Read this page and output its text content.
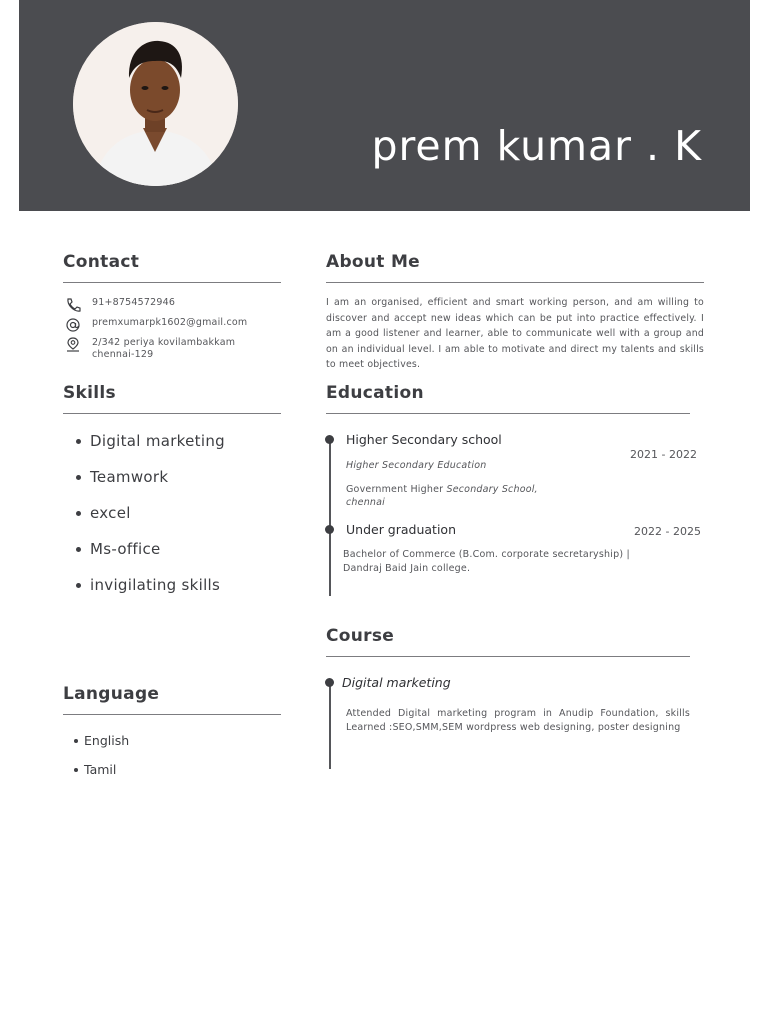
prem kumar . K
Contact
91+8754572946
premxumarpk1602@gmail.com
2/342 periya kovilambakkam
chennai-129
About Me
I am an organised, efficient and smart working person, and am willing to discover and accept new ideas which can be put into practice effectively. I am a good listener and learner, able to communicate well with a group and on an individual level. I am able to motivate and direct my talents and skills to meet objectives.
Skills
Digital marketing
Teamwork
excel
Ms-office
invigilating skills
Education
Higher Secondary school
2021 - 2022
Higher Secondary Education
Government Higher Secondary School,
chennai
Under graduation	2022 - 2025
Bachelor of Commerce (B.Com. corporate secretaryship) |
Dandraj Baid Jain college.
Course
Digital marketing
Attended Digital marketing program in Anudip Foundation, skills Learned :SEO,SMM,SEM wordpress web designing, poster designing
Language
English
Tamil
